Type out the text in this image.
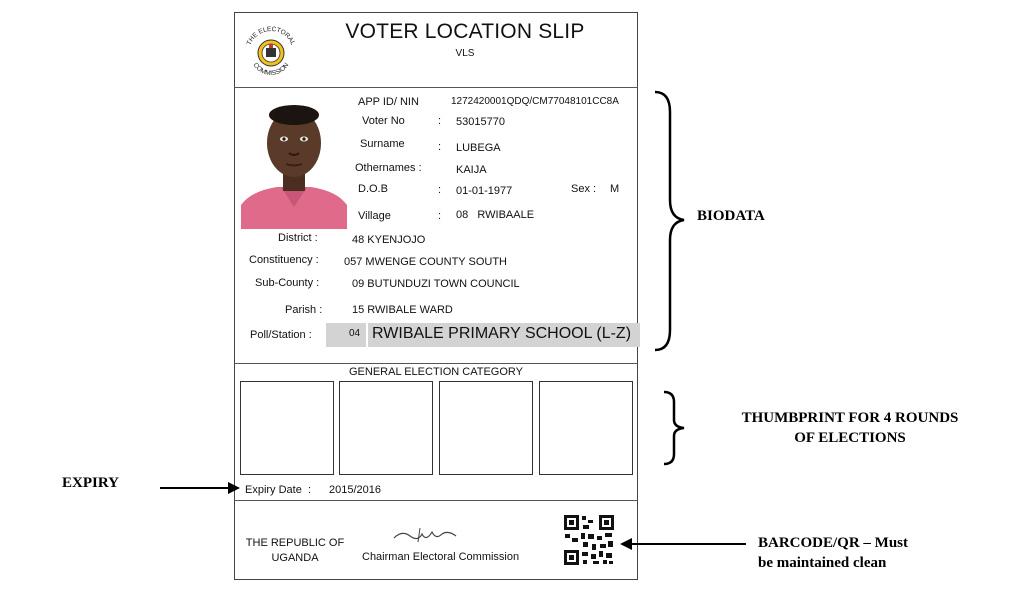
THE ELECTORAL
COMMISSION
VOTER LOCATION SLIP
VLS
APP ID/ NIN	1272420001QDQ/CM77048101CC8A
Voter No	: 53015770
Surname	: LUBEGA
Othernames :	KAIJA
D.O.B	: 01-01-1977	Sex : M
Village	: 08   RWIBAALE
District :	48 KYENJOJO
Constituency : 057 MWENGE COUNTY SOUTH
Sub-County :	09 BUTUNDUZI TOWN COUNCIL
Parish :	15 RWIBALE WARD
Poll/Station :	04 RWIBALE PRIMARY SCHOOL (L-Z)
GENERAL ELECTION CATEGORY
Expiry Date  : 2015/2016
THE REPUBLIC OF
UGANDA	Chairman Electoral Commission
BIODATA
THUMBPRINT FOR 4 ROUNDS
OF ELECTIONS
EXPIRY
BARCODE/QR – Must
be maintained clean
